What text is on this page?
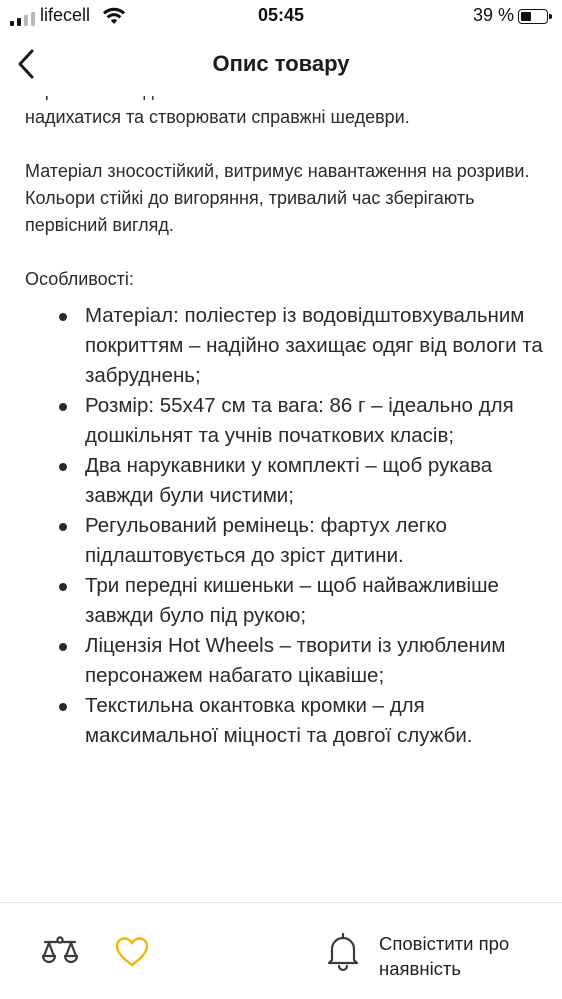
lifecell	05:45	39 %
Опис товару

надихатися та створювати справжні шедеври.

Матеріал зносостійкий, витримує навантаження на розриви. Кольори стійкі до вигоряння, тривалий час зберігають первісний вигляд.

Особливості:

Матеріал: поліестер із водовідштовхувальним покриттям – надійно захищає одяг від вологи та забруднень;
Розмір: 55х47 см та вага: 86 г – ідеально для дошкільнят та учнів початкових класів;
Два нарукавники у комплекті – щоб рукава завжди були чистими;
Регульований ремінець: фартух легко підлаштовується до зріст дитини.
Три передні кишеньки – щоб найважливіше завжди було під рукою;
Ліцензія Hot Wheels – творити із улюбленим персонажем набагато цікавіше;
Текстильна окантовка кромки – для максимальної міцності та довгої служби.
Сповістити про наявність
